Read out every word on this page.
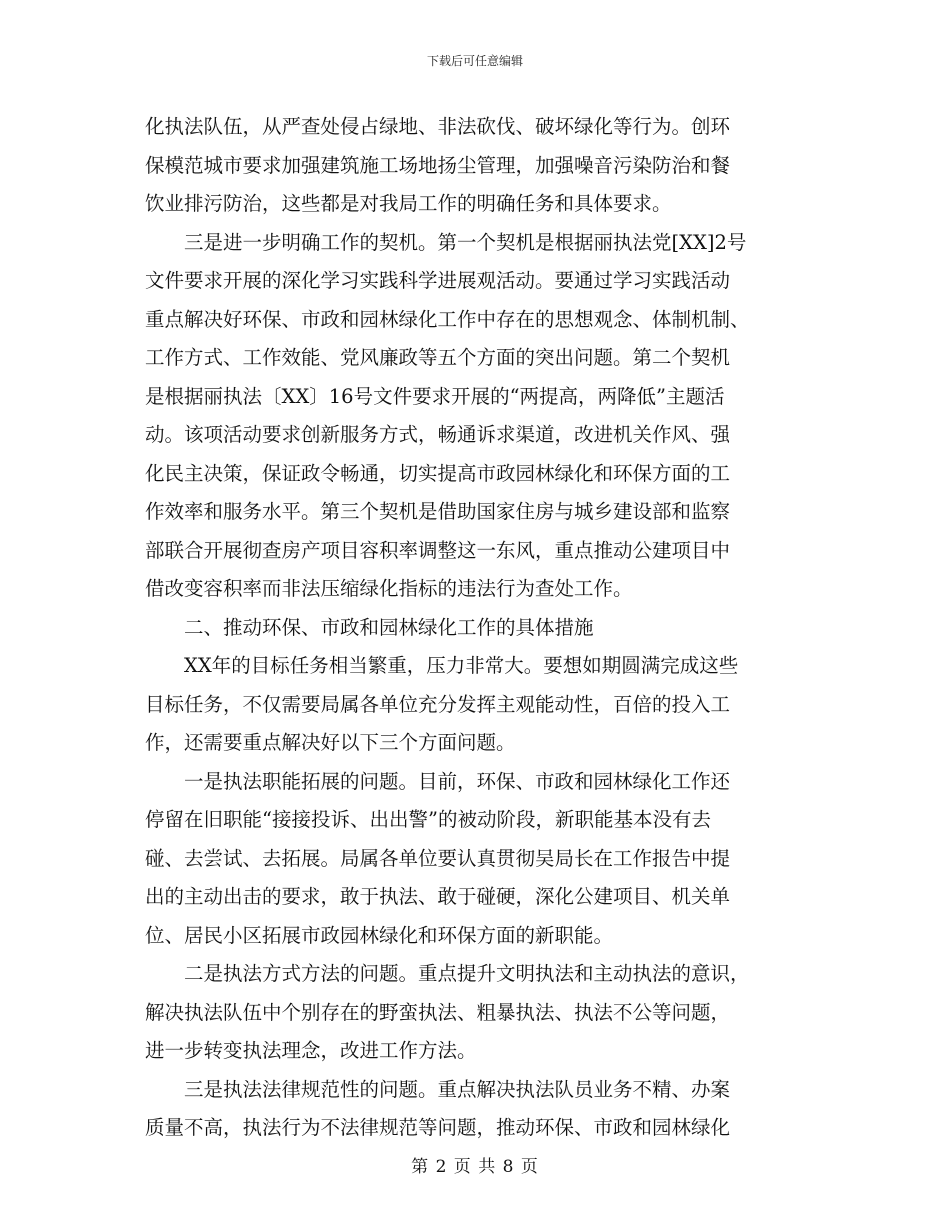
下载后可任意编辑
化执法队伍，从严查处侵占绿地、非法砍伐、破坏绿化等行为。创环
保模范城市要求加强建筑施工场地扬尘管理，加强噪音污染防治和餐
饮业排污防治，这些都是对我局工作的明确任务和具体要求。
　　三是进一步明确工作的契机。第一个契机是根据丽执法党[XX]2号
文件要求开展的深化学习实践科学进展观活动。要通过学习实践活动
重点解决好环保、市政和园林绿化工作中存在的思想观念、体制机制、
工作方式、工作效能、党风廉政等五个方面的突出问题。第二个契机
是根据丽执法〔XX〕16号文件要求开展的“两提高，两降低”主题活
动。该项活动要求创新服务方式，畅通诉求渠道，改进机关作风、强
化民主决策，保证政令畅通，切实提高市政园林绿化和环保方面的工
作效率和服务水平。第三个契机是借助国家住房与城乡建设部和监察
部联合开展彻查房产项目容积率调整这一东风，重点推动公建项目中
借改变容积率而非法压缩绿化指标的违法行为查处工作。
　　二、推动环保、市政和园林绿化工作的具体措施
　　XX年的目标任务相当繁重，压力非常大。要想如期圆满完成这些
目标任务，不仅需要局属各单位充分发挥主观能动性，百倍的投入工
作，还需要重点解决好以下三个方面问题。
　　一是执法职能拓展的问题。目前，环保、市政和园林绿化工作还
停留在旧职能“接接投诉、出出警”的被动阶段，新职能基本没有去
碰、去尝试、去拓展。局属各单位要认真贯彻吴局长在工作报告中提
出的主动出击的要求，敢于执法、敢于碰硬，深化公建项目、机关单
位、居民小区拓展市政园林绿化和环保方面的新职能。
　　二是执法方式方法的问题。重点提升文明执法和主动执法的意识，
解决执法队伍中个别存在的野蛮执法、粗暴执法、执法不公等问题，
进一步转变执法理念，改进工作方法。
　　三是执法法律规范性的问题。重点解决执法队员业务不精、办案
质量不高，执法行为不法律规范等问题，推动环保、市政和园林绿化
第 2 页 共 8 页
